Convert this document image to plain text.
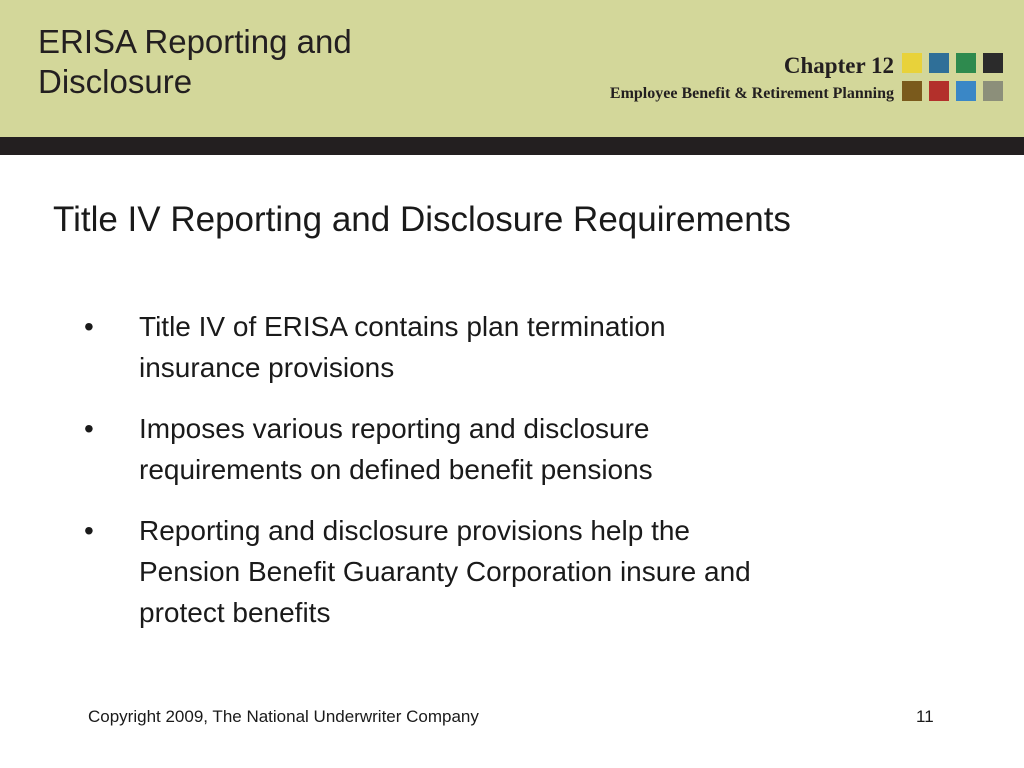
ERISA Reporting and
Disclosure	Chapter 12
Employee Benefit & Retirement Planning
Title IV Reporting and Disclosure Requirements
•	Title IV of ERISA contains plan termination
insurance provisions
•	Imposes various reporting and disclosure
requirements on defined benefit pensions
•	Reporting and disclosure provisions help the
Pension Benefit Guaranty Corporation insure and
protect benefits
Copyright 2009, The National Underwriter Company	11
